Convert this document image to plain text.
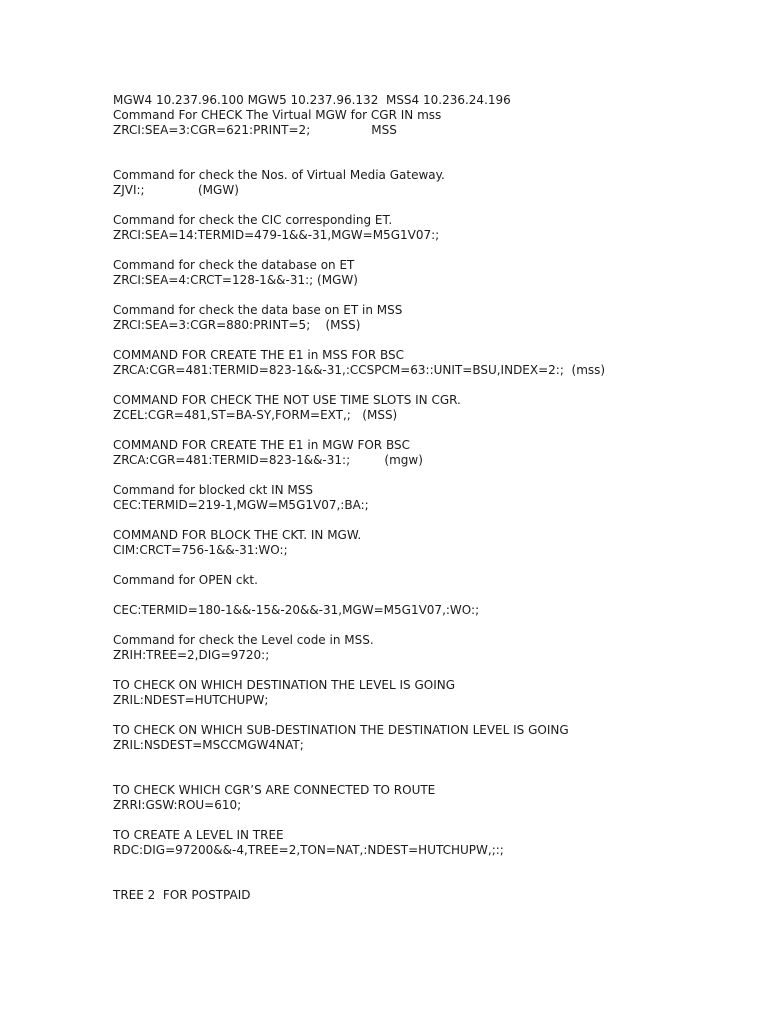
MGW4 10.237.96.100 MGW5 10.237.96.132  MSS4 10.236.24.196
Command For CHECK The Virtual MGW for CGR IN mss
ZRCI:SEA=3:CGR=621:PRINT=2;                MSS
Command for check the Nos. of Virtual Media Gateway.
ZJVI:;              (MGW)
Command for check the CIC corresponding ET.
ZRCI:SEA=14:TERMID=479-1&&-31,MGW=M5G1V07:;
Command for check the database on ET
ZRCI:SEA=4:CRCT=128-1&&-31:; (MGW)
Command for check the data base on ET in MSS
ZRCI:SEA=3:CGR=880:PRINT=5;    (MSS)
COMMAND FOR CREATE THE E1 in MSS FOR BSC
ZRCA:CGR=481:TERMID=823-1&&-31,:CCSPCM=63::UNIT=BSU,INDEX=2:;  (mss)
COMMAND FOR CHECK THE NOT USE TIME SLOTS IN CGR.
ZCEL:CGR=481,ST=BA-SY,FORM=EXT,;   (MSS)
COMMAND FOR CREATE THE E1 in MGW FOR BSC
ZRCA:CGR=481:TERMID=823-1&&-31:;         (mgw)
Command for blocked ckt IN MSS
CEC:TERMID=219-1,MGW=M5G1V07,:BA:;
COMMAND FOR BLOCK THE CKT. IN MGW.
CIM:CRCT=756-1&&-31:WO:;
Command for OPEN ckt.
CEC:TERMID=180-1&&-15&-20&&-31,MGW=M5G1V07,:WO:;
Command for check the Level code in MSS.
ZRIH:TREE=2,DIG=9720:;
TO CHECK ON WHICH DESTINATION THE LEVEL IS GOING
ZRIL:NDEST=HUTCHUPW;
TO CHECK ON WHICH SUB-DESTINATION THE DESTINATION LEVEL IS GOING
ZRIL:NSDEST=MSCCMGW4NAT;
TO CHECK WHICH CGR’S ARE CONNECTED TO ROUTE
ZRRI:GSW:ROU=610;
TO CREATE A LEVEL IN TREE
RDC:DIG=97200&&-4,TREE=2,TON=NAT,:NDEST=HUTCHUPW,;:;
TREE 2  FOR POSTPAID
